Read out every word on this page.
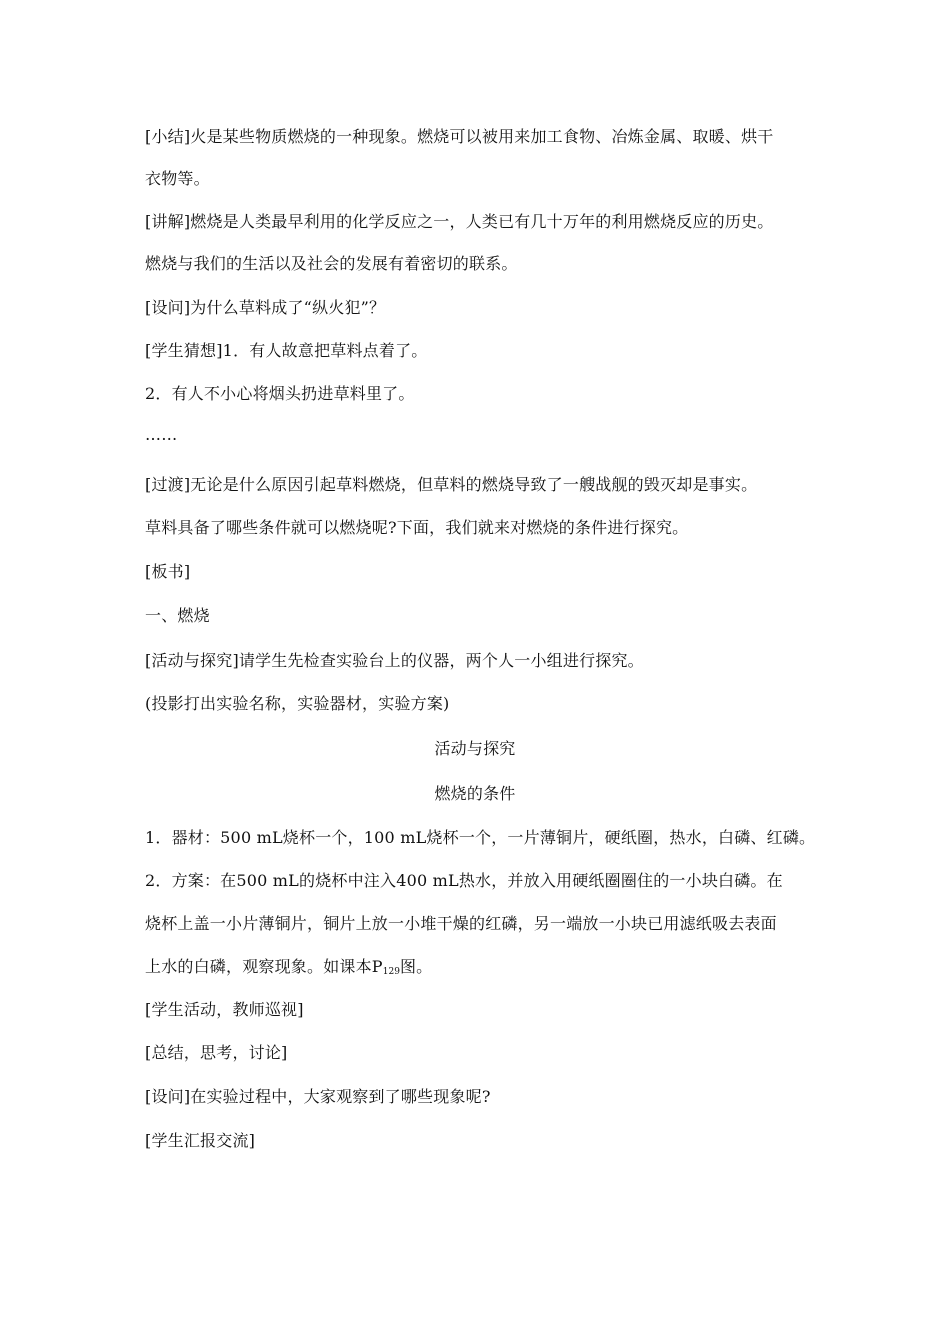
[小结]火是某些物质燃烧的一种现象。燃烧可以被用来加工食物、冶炼金属、取暖、烘干
衣物等。
[讲解]燃烧是人类最早利用的化学反应之一，人类已有几十万年的利用燃烧反应的历史。
燃烧与我们的生活以及社会的发展有着密切的联系。
[设问]为什么草料成了“纵火犯”？
[学生猜想]1．有人故意把草料点着了。
2．有人不小心将烟头扔进草料里了。
……
[过渡]无论是什么原因引起草料燃烧，但草料的燃烧导致了一艘战舰的毁灭却是事实。
草料具备了哪些条件就可以燃烧呢?下面，我们就来对燃烧的条件进行探究。
[板书]
一、燃烧
[活动与探究]请学生先检查实验台上的仪器，两个人一小组进行探究。
(投影打出实验名称，实验器材，实验方案)
活动与探究
燃烧的条件
1．器材：500 mL烧杯一个，100 mL烧杯一个，一片薄铜片，硬纸圈，热水，白磷、红磷。
2．方案：在500 mL的烧杯中注入400 mL热水，并放入用硬纸圈圈住的一小块白磷。在
烧杯上盖一小片薄铜片，铜片上放一小堆干燥的红磷，另一端放一小块已用滤纸吸去表面
上水的白磷，观察现象。如课本$P_{129}$图。
[学生活动，教师巡视]
[总结，思考，讨论]
[设问]在实验过程中，大家观察到了哪些现象呢?
[学生汇报交流]
